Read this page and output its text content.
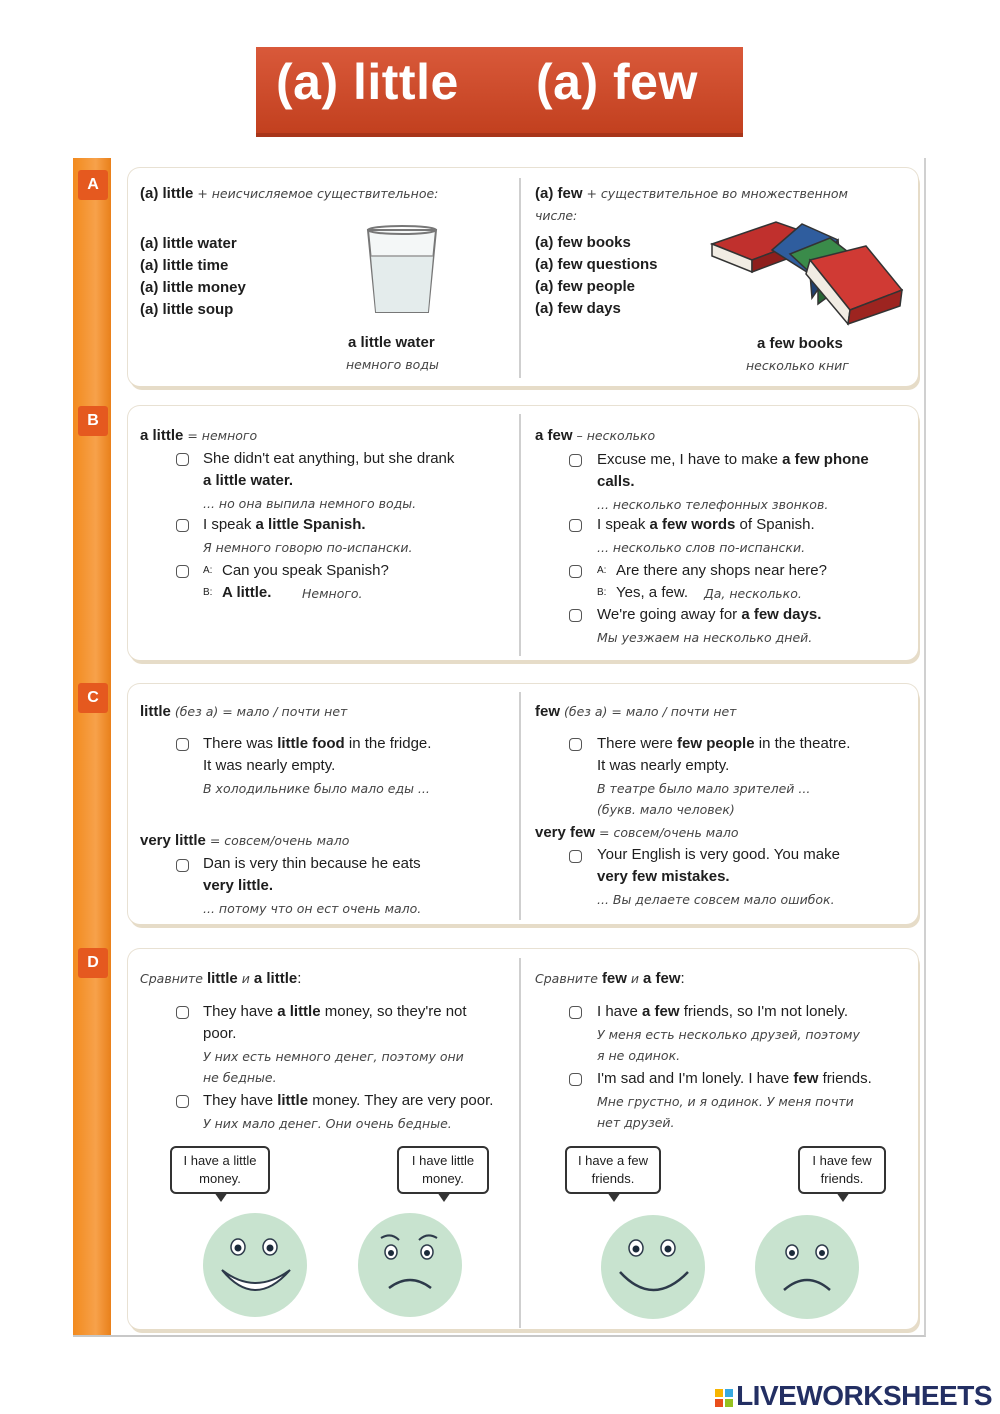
(a) little (a) few
A
B
C
D
(a) little + неисчисляемое существительное:
(a) little water
(a) little time
(a) little money
(a) little soup
a little water
немного воды
(a) few + существительное во множественном
числе:
(a) few books
(a) few questions
(a) few people
(a) few days
a few books
несколько книг
a little = немного
She didn't eat anything, but she drank
a little water.
... но она выпила немного воды.
I speak a little Spanish.
Я немного говорю по-испански.
A: Can you speak Spanish?
B: A little. Немного.
a few – несколько
Excuse me, I have to make a few phone
calls.
... несколько телефонных звонков.
I speak a few words of Spanish.
... несколько слов по-испански.
A: Are there any shops near here?
B: Yes, a few. Да, несколько.
We're going away for a few days.
Мы уезжаем на несколько дней.
little (без a) = мало / почти нет
There was little food in the fridge.
It was nearly empty.
В холодильнике было мало еды ...
very little = совсем/очень мало
Dan is very thin because he eats
very little.
... потому что он ест очень мало.
few (без a) = мало / почти нет
There were few people in the theatre.
It was nearly empty.
В театре было мало зрителей ...
(букв. мало человек)
very few = совсем/очень мало
Your English is very good. You make
very few mistakes.
... Вы делаете совсем мало ошибок.
Сравните little и a little:
They have a little money, so they're not
poor.
У них есть немного денег, поэтому они
не бедные.
They have little money. They are very poor.
У них мало денег. Они очень бедные.
Сравните few и a few:
I have a few friends, so I'm not lonely.
У меня есть несколько друзей, поэтому
я не одинок.
I'm sad and I'm lonely. I have few friends.
Мне грустно, и я одинок. У меня почти
нет друзей.
I have a little money.
I have little money.
I have a few friends.
I have few friends.

LIVEWORKSHEETS
